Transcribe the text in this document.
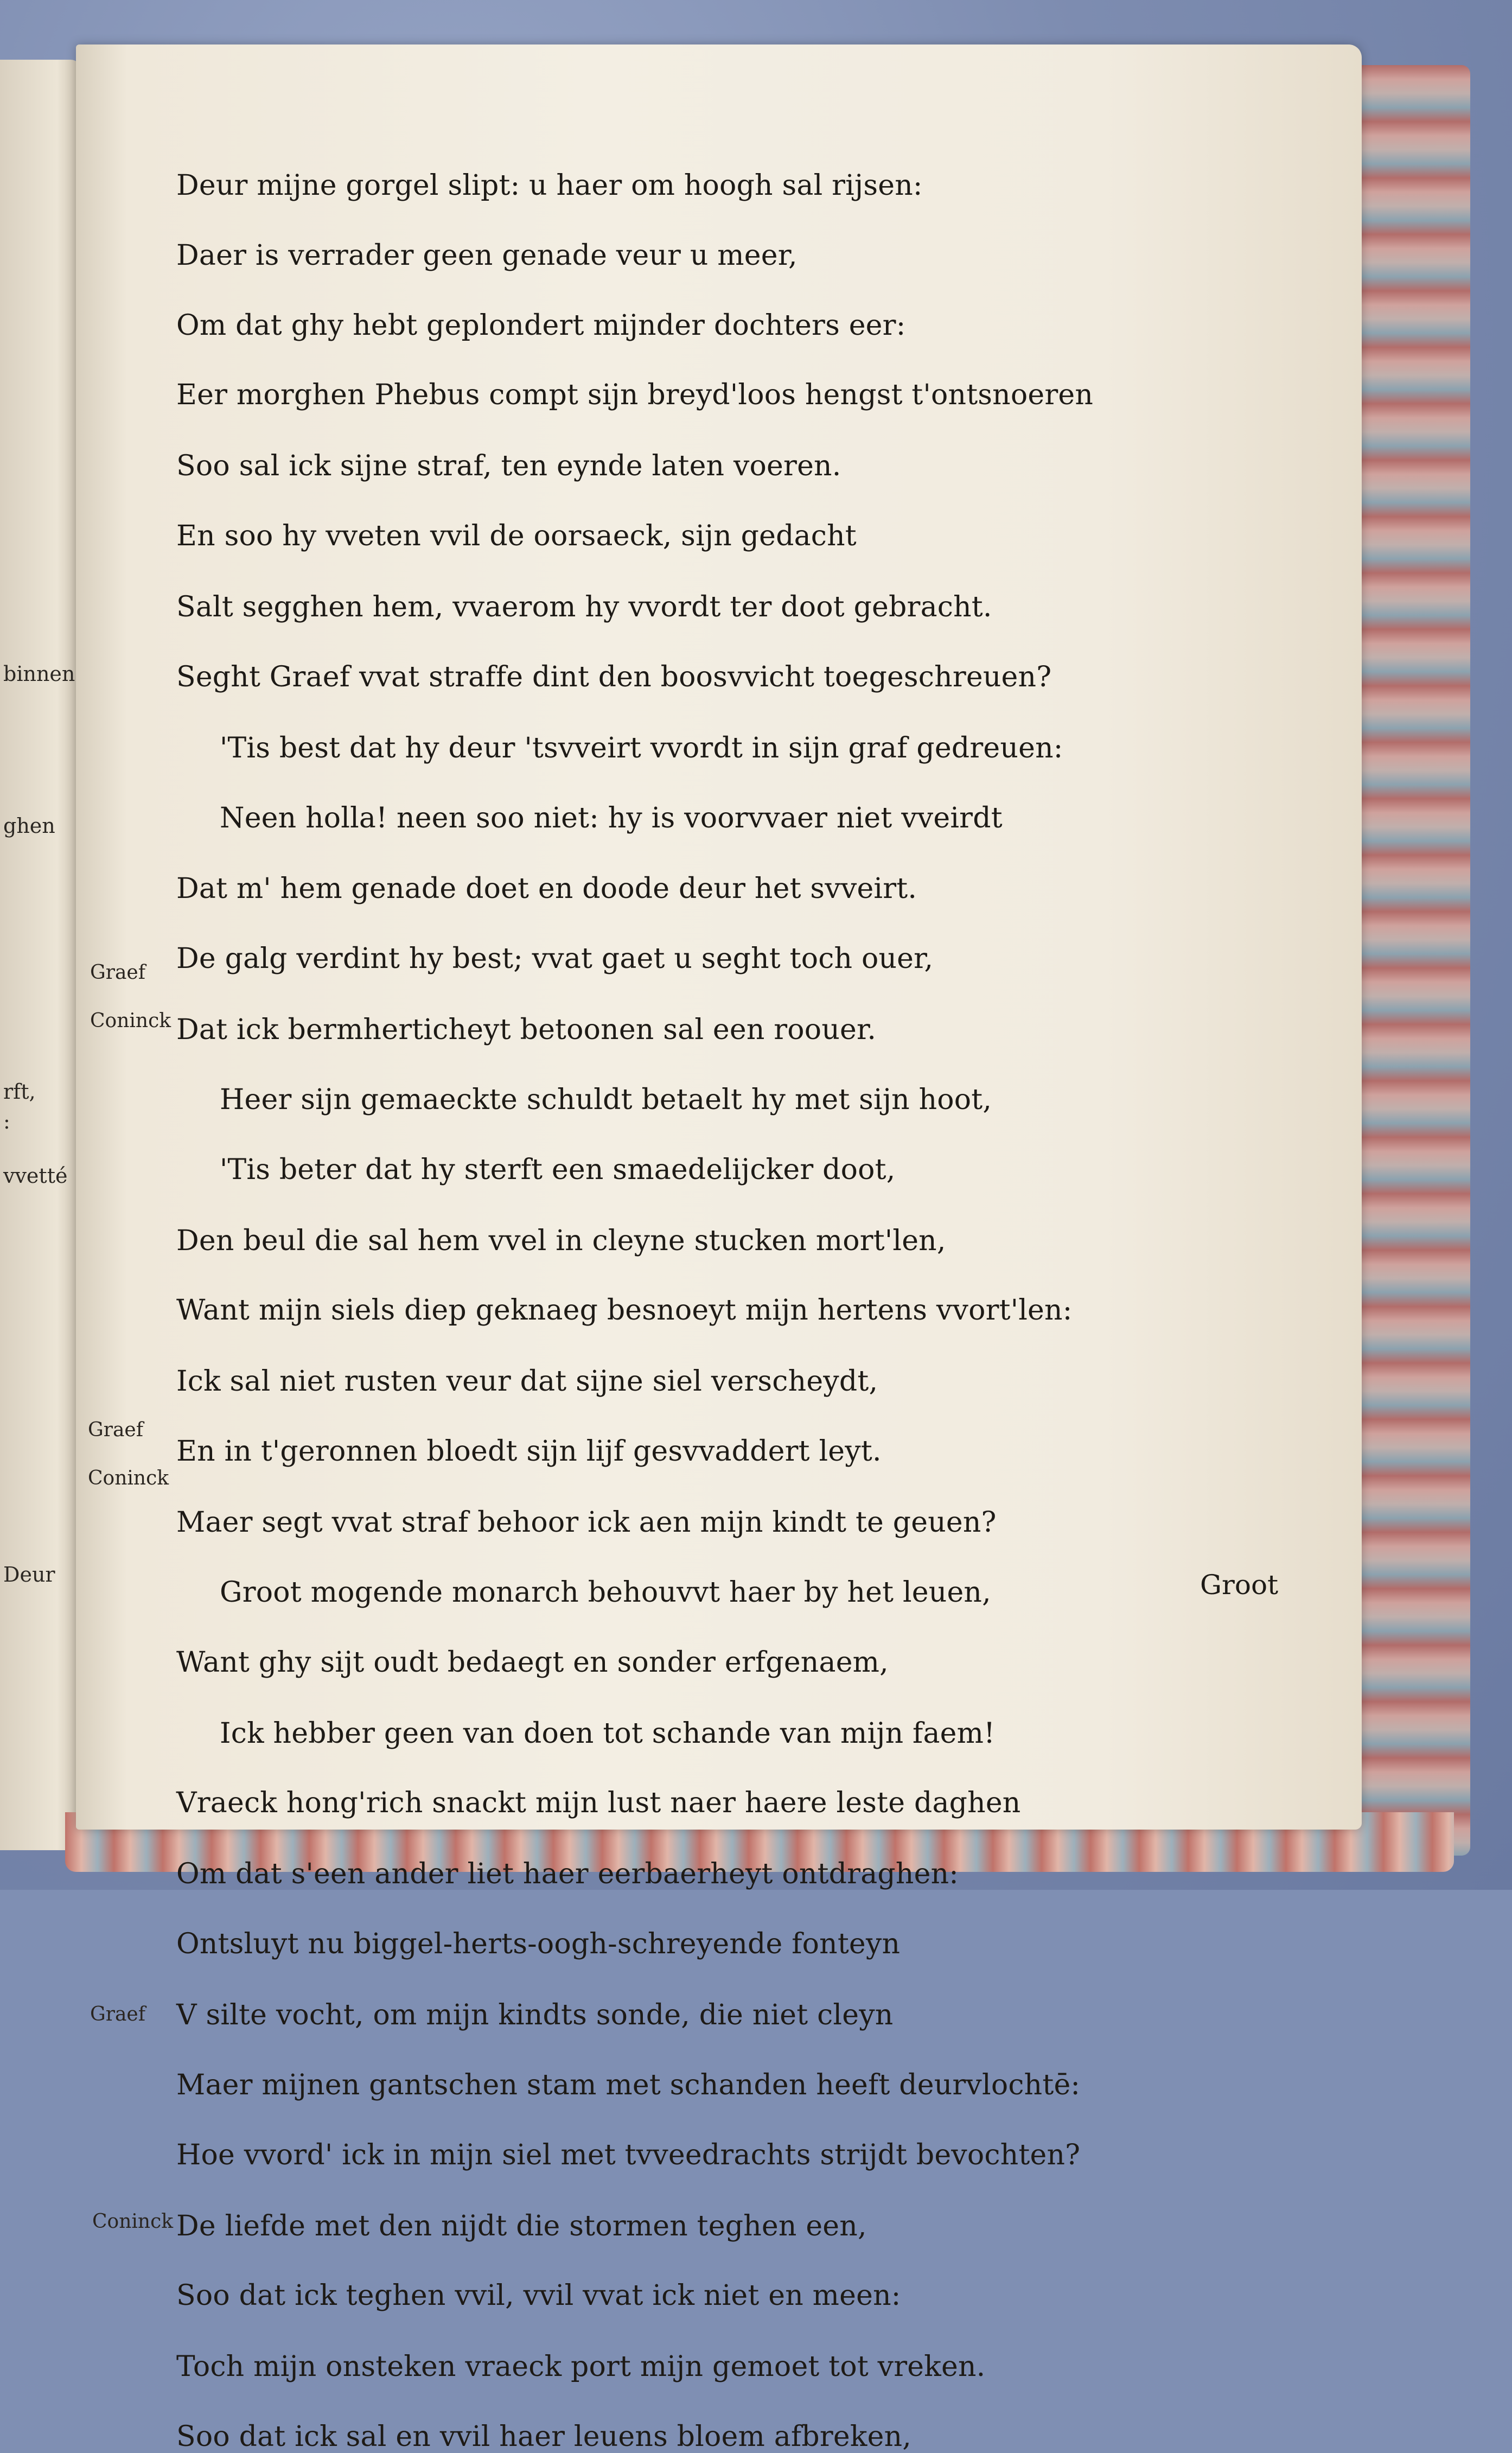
binnen

ghen

rft,

:

vvetté

Deur

Graef

Coninck

Graef

Coninck

Graef

Coninck

Deur mijne gorgel slipt: u haer om hoogh sal rijsen:

Daer is verrader geen genade veur u meer,

Om dat ghy hebt geplondert mijnder dochters eer:

Eer morghen Phebus compt sijn breyd'loos hengst t'ontsnoeren

Soo sal ick sijne straf, ten eynde laten voeren.

En soo hy vveten vvil de oorsaeck, sijn gedacht

Salt segghen hem, vvaerom hy vvordt ter doot gebracht.

Seght Graef vvat straffe dint den boosvvicht toegeschreuen?

'Tis best dat hy deur 'tsvveirt vvordt in sijn graf gedreuen:

Neen holla! neen soo niet: hy is voorvvaer niet vveirdt

Dat m' hem genade doet en doode deur het svveirt.

De galg verdint hy best; vvat gaet u seght toch ouer,

Dat ick bermherticheyt betoonen sal een roouer.

Heer sijn gemaeckte schuldt betaelt hy met sijn hoot,

'Tis beter dat hy sterft een smaedelijcker doot,

Den beul die sal hem vvel in cleyne stucken mort'len,

Want mijn siels diep geknaeg besnoeyt mijn hertens vvort'len:

Ick sal niet rusten veur dat sijne siel verscheydt,

En in t'geronnen bloedt sijn lijf gesvvaddert leyt.

Maer segt vvat straf behoor ick aen mijn kindt te geuen?

Groot mogende monarch behouvvt haer by het leuen,

Want ghy sijt oudt bedaegt en sonder erfgenaem,

Ick hebber geen van doen tot schande van mijn faem!

Vraeck hong'rich snackt mijn lust naer haere leste daghen

Om dat s'een ander liet haer eerbaerheyt ontdraghen:

Ontsluyt nu biggel-herts-oogh-schreyende fonteyn

V silte vocht, om mijn kindts sonde, die niet cleyn

Maer mijnen gantschen stam met schanden heeft deurvlochtē:

Hoe vvord' ick in mijn siel met tvveedrachts strijdt bevochten?

De liefde met den nijdt die stormen teghen een,

Soo dat ick teghen vvil, vvil vvat ick niet en meen:

Toch mijn onsteken vraeck port mijn gemoet tot vreken.

Soo dat ick sal en vvil haer leuens bloem afbreken,

Groot
